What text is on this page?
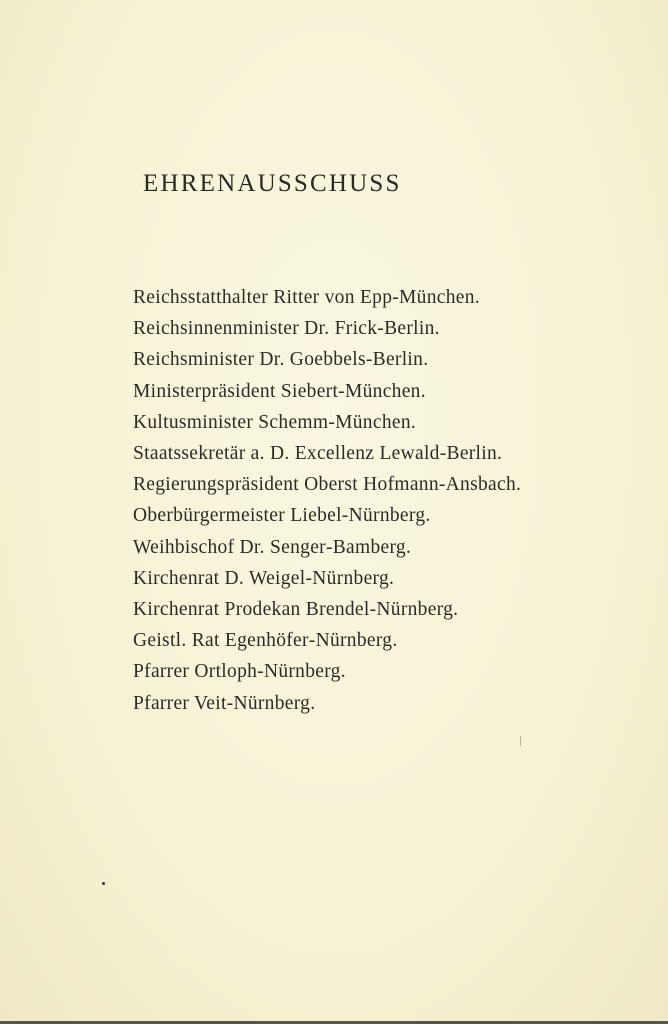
EHRENAUSSCHUSS
Reichsstatthalter Ritter von Epp‑München.
Reichsinnenminister Dr. Frick‑Berlin.
Reichsminister Dr. Goebbels‑Berlin.
Ministerpräsident Siebert‑München.
Kultusminister Schemm‑München.
Staatssekretär a. D. Excellenz Lewald‑Berlin.
Regierungspräsident Oberst Hofmann‑Ansbach.
Oberbürgermeister Liebel‑Nürnberg.
Weihbischof Dr. Senger‑Bamberg.
Kirchenrat D. Weigel‑Nürnberg.
Kirchenrat Prodekan Brendel‑Nürnberg.
Geistl. Rat Egenhöfer‑Nürnberg.
Pfarrer Ortloph‑Nürnberg.
Pfarrer Veit‑Nürnberg.
